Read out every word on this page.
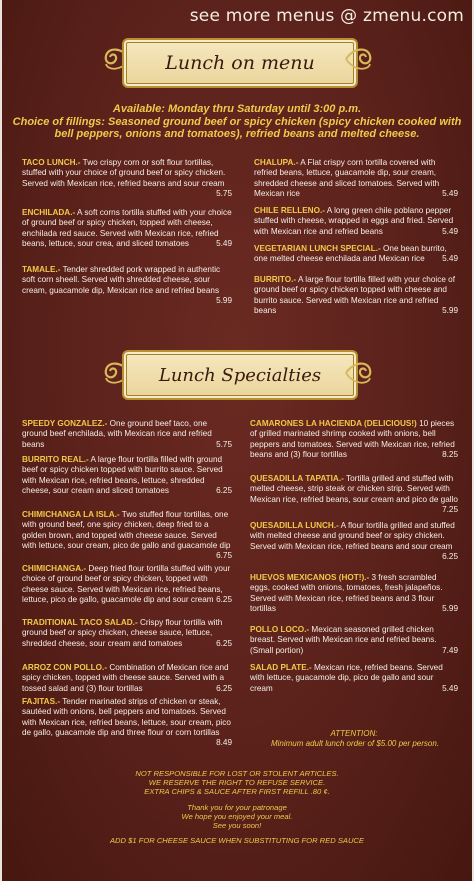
see more menus @ zmenu.com
Lunch on menu
Available: Monday thru Saturday until 3:00 p.m.
Choice of fillings: Seasoned ground beef or spicy chicken (spicy chicken cooked with
bell peppers, onions and tomatoes), refried beans and melted cheese.
TACO LUNCH.- Two crispy corn or soft flour tortillas, stuffed with your choice of ground beef or spicy chicken. Served with Mexican rice, refried beans and sour cream
5.75
ENCHILADA.- A soft corns tortilla stuffed with your choice of ground beef or spicy chicken, topped with cheese, enchilada red sauce. Served with Mexican rice, refried beans, lettuce, sour crea, and sliced tomatoes	5.49
TAMALE.- Tender shredded pork wrapped in authentic soft corn sheell. Served with shredded cheese, sour cream, guacamole dip, Mexican rice and refried beans
5.99
CHALUPA.- A Flat crispy corn tortilla covered with refried beans, lettuce, guacamole dip, sour cream, shredded cheese and sliced tomatoes. Served with Mexican rice	5.49
CHILE RELLENO.- A long green chile poblano pepper stuffed with cheese, wrapped in eggs and fried. Served with Mexican rice and refried beans	5.49
VEGETARIAN LUNCH SPECIAL.- One bean burrito, one melted cheese enchilada and Mexican rice 5.49
BURRITO.- A large flour tortilla filled with your choice of ground beef or spicy chicken topped with cheese and burrito sauce. Served with Mexican rice and refried beans	5.99
Lunch Specialties
SPEEDY GONZALEZ.- One ground beef taco, one ground beef enchilada, with Mexican rice and refried beans	5.75
BURRITO REAL.- A large flour tortilla filled with ground beef or spicy chicken topped with burrito sauce. Served with Mexican rice, refried beans, lettuce, shredded cheese, sour cream and sliced tomatoes	6.25
CHIMICHANGA LA ISLA.- Two stuffed flour tortillas, one with ground beef, one spicy chicken, deep fried to a golden brown, and topped with cheese sauce. Served with lettuce, sour cream, pico de gallo and guacamole dip
6.75
CHIMICHANGA.- Deep fried flour tortilla stuffed with your choice of ground beef or spicy chicken, topped with cheese sauce. Served with Mexican rice, refried beans, lettuce, pico de gallo, guacamole dip and sour cream 6.25
TRADITIONAL TACO SALAD.- Crispy flour tortilla with ground beef or spicy chicken, cheese sauce, lettuce, shredded cheese, sour cream and tomatoes	6.25
ARROZ CON POLLO.- Combination of Mexican rice and spicy chicken, topped with cheese sauce. Served with a tossed salad and (3) flour tortillas	6.25
FAJITAS.- Tender marinated strips of chicken or steak, sautéed with onions, bell peppers and tomatoes. Served with Mexican rice, refried beans, lettuce, sour cream, pico de gallo, guacamole dip and three flour or corn tortillas
8.49
CAMARONES LA HACIENDA (DELICIOUS!) 10 pieces of grilled marinated shrimp cooked with onions, bell peppers and tomatoes. Served with Mexican rice, refried beans and (3) flour tortillas	8.25
QUESADILLA TAPATIA.- Tortilla grilled and stuffed with melted cheese, strip steak or chicken strip. Served with Mexican rice, refried beans, sour cream and pico de gallo
7.25
QUESADILLA LUNCH.- A flour tortilla grilled and stuffed with melted cheese and ground beef or spicy chicken. Served with Mexican rice, refried beans and sour cream
6.25
HUEVOS MEXICANOS (HOT!).- 3 fresh scrambled eggs, cooked with onions, tomatoes, fresh jalapeños. Served with Mexican rice, refried beans and 3 flour tortillas	5.99
POLLO LOCO.- Mexican seasoned grilled chicken breast. Served with Mexican rice and refried beans. (Small portion)	7.49
SALAD PLATE.- Mexican rice, refried beans. Served with lettuce, guacamole dip, pico de gallo and sour cream	5.49
ATTENTION:
Minimum adult lunch order of $5.00 per person.
NOT RESPONSIBLE FOR LOST OR STOLENT ARTICLES.
WE RESERVE THE RIGHT TO REFUSE SERVICE.
EXTRA CHIPS & SAUCE AFTER FIRST REFILL .80 ¢.
Thank you for your patronage
We hope you enjoyed your meal.
See you soon!
ADD $1 FOR CHEESE SAUCE WHEN SUBSTITUTING FOR RED SAUCE
